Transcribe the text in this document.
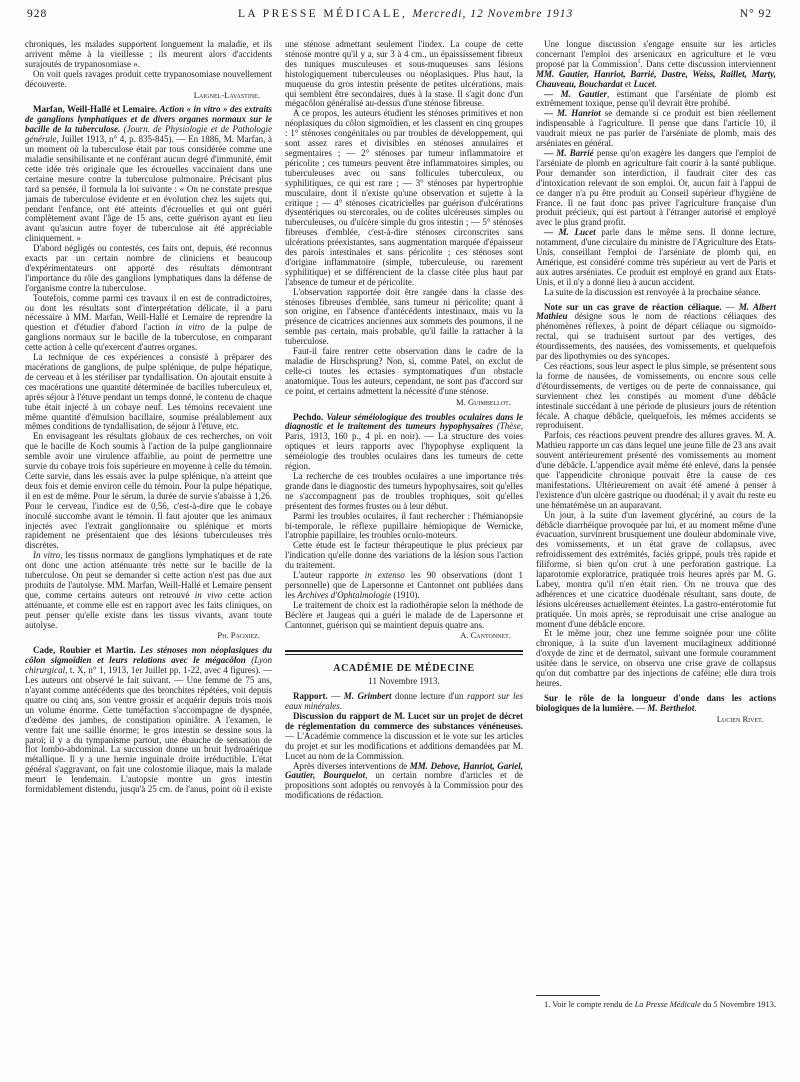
928	LA PRESSE MÉDICALE, Mercredi, 12 Novembre 1913	N° 92

chroniques, les malades supportent longuement la maladie, et ils arrivent même à la vieillesse ; ils meurent alors d'accidents surajoutés de trypanosomiase ».

On voit quels ravages produit cette trypanosomiase nouvellement découverte.

Laignel-Lavastine.

Marfan, Weill-Hallé et Lemaire. Action « in vitro » des extraits de ganglions lymphatiques et de divers organes normaux sur le bacille de la tuberculose. (Journ. de Physiologie et de Pathologie générale, Juillet 1913, n° 4, p. 835-845). — En 1886, M. Marfan, à un moment où la tuberculose était par tous considérée comme une maladie sensibilisante et ne conférant aucun degré d'immunité, émit cette idée très originale que les écrouelles vaccinaient dans une certaine mesure contre la tuberculose pulmonaire. Précisant plus tard sa pensée, il formula la loi suivante : « On ne constate presque jamais de tuberculose évidente et en évolution chez les sujets qui, pendant l'enfance, ont été atteints d'écrouelles et qui ont guéri complètement avant l'âge de 15 ans, cette guérison ayant eu lieu avant qu'aucun autre foyer de tuberculose ait été appréciable cliniquement. »

D'abord négligés ou contestés, ces faits ont, depuis, été reconnus exacts par un certain nombre de cliniciens et beaucoup d'expérimentateurs ont apporté des résultats démontrant l'importance du rôle des ganglions lymphatiques dans la défense de l'organisme contre la tuberculose.

Toutefois, comme parmi ces travaux il en est de contradictoires, ou dont les résultats sont d'interprétation délicate, il a paru nécessaire à MM. Marfan, Weill-Hallé et Lemaire de reprendre la question et d'étudier d'abord l'action in vitro de la pulpe de ganglions normaux sur le bacille de la tuberculose, en comparant cette action à celle qu'exercent d'autres organes.

La technique de ces expériences a consisté à préparer des macérations de ganglions, de pulpe splénique, de pulpe hépatique, de cerveau et à les stériliser par tyndallisation. On ajoutait ensuite à ces macérations une quantité déterminée de bacilles tuberculeux et, après séjour à l'étuve pendant un temps donné, le contenu de chaque tube était injecté à un cobaye neuf. Les témoins recevaient une même quantité d'émulsion bacillaire, soumise préalablement aux mêmes conditions de tyndallisation, de séjour à l'étuve, etc.

En envisageant les résultats globaux de ces recherches, on voit que le bacille de Koch soumis à l'action de la pulpe ganglionnaire semble avoir une virulence affaiblie, au point de permettre une survie du cobaye trois fois supérieure en moyenne à celle du témoin. Cette survie, dans les essais avec la pulpe splénique, n'a atteint que deux fois et demie environ celle du témoin. Pour la pulpe hépatique, il en est de même. Pour le sérum, la durée de survie s'abaisse à 1,26. Pour le cerveau, l'indice est de 0,56, c'est-à-dire que le cobaye inoculé succombe avant le témoin. Il faut ajouter que les animaux injectés avec l'extrait ganglionnaire ou splénique et morts rapidement ne présentaient que des lésions tuberculeuses très discrètes.

In vitro, les tissus normaux de ganglions lymphatiques et de rate ont donc une action atténuante très nette sur le bacille de la tuberculose. On peut se demander si cette action n'est pas due aux produits de l'autolyse. MM. Marfan, Weill-Hallé et Lemaire pensent que, comme certains auteurs ont retrouvé in vivo cette action atténuante, et comme elle est en rapport avec les faits cliniques, on peut penser qu'elle existe dans les tissus vivants, avant toute autolyse.

Ph. Pagniez.

Cade, Roubier et Martin. Les sténoses non néoplasiques du côlon sigmoïdien et leurs relations avec le mégacôlon (Lyon chirurgical, t. X, n° 1, 1913, 1er Juillet pp. 1-22, avec 4 figures). — Les auteurs ont observé le fait suivant. — Une femme de 75 ans, n'ayant comme antécédents que des bronchites répétées, voit depuis quatre ou cinq ans, son ventre grossir et acquérir depuis trois mois un volume énorme. Cette tuméfaction s'accompagne de dyspnée, d'œdème des jambes, de constipation opiniâtre. A l'examen, le ventre fait une saillie énorme; le gros intestin se dessine sous la paroi; il y a du tympanisme partout, une ébauche de sensation de flot lombo-abdominal. La succussion donne un bruit hydroaérique métallique. Il y a une hernie inguinale droite irréductible. L'état général s'aggravant, on fait une colostomie iliaque, mais la malade meurt le lendemain. L'autopsie montre un gros intestin formidablement distendu, jusqu'à 25 cm. de l'anus, point où il existe

une sténose admettant seulement l'index. La coupe de cette sténose montre qu'il y a, sur 3 à 4 cm., un épaississement fibreux des tuniques musculeuses et sous-muqueuses sans lésions histologiquement tuberculeuses ou néoplasiques. Plus haut, la muqueuse du gros intestin présente de petites ulcérations, mais qui semblent être secondaires, dues à la stase. Il s'agit donc d'un mégacôlon généralisé au-dessus d'une sténose fibreuse.

A ce propos, les auteurs étudient les sténoses primitives et non néoplasiques du côlon sigmoïdien, et les classent en cinq groupes : 1° sténoses congénitales ou par troubles de développement, qui sont assez rares et divisibles en sténoses annulaires et segmentaires ; — 2° sténoses par tumeur inflammatoire et péricolite ; ces tumeurs peuvent être inflammatoires simples, ou tuberculeuses avec ou sans follicules tuberculeux, ou syphilitiques, ce qui est rare ; — 3° sténoses par hypertrophie musculaire, dont il n'existe qu'une observation et sujette à la critique ; — 4° sténoses cicatricielles par guérison d'ulcérations dysentériques ou stercorales, ou de colites ulcéreuses simples ou tuberculeuses, ou d'ulcère simple du gros intestin ; — 5° sténoses fibreuses d'emblée, c'est-à-dire sténoses circonscrites sans ulcérations préexistantes, sans augmentation marquée d'épaisseur des parois intestinales et sans péricolite ; ces sténoses sont d'origine inflammatoire (simple, tuberculeuse, ou rarement syphilitique) et se différencient de la classe citée plus haut par l'absence de tumeur et de péricolite.

L'observation rapportée doit être rangée dans la classe des sténoses fibreuses d'emblée, sans tumeur ni péricolite; quant à son origine, en l'absence d'antécédents intestinaux, mais vu la présence de cicatrices anciennes aux sommets des poumons, il ne semble pas certain, mais probable, qu'il faille la rattacher à la tuberculose.

Faut-il faire rentrer cette observation dans le cadre de la maladie de Hirschsprung? Non, si, comme Patel, on exclut de celle-ci toutes les ectasies symptomatiques d'un obstacle anatomique. Tous les auteurs, cependant, ne sont pas d'accord sur ce point, et certains admettent la nécessité d'une sténose.

M. Guimbellot.

Pechdo. Valeur séméiologique des troubles oculaires dans le diagnostic et le traitement des tumeurs hypophysaires (Thèse, Paris, 1913, 160 p., 4 pl. en noir). — La structure des voies optiques et leurs rapports avec l'hypophyse expliquent la séméiologie des troubles oculaires dans les tumeurs de cette région.

La recherche de ces troubles oculaires a une importance très grande dans le diagnostic des tumeurs hypophysaires, soit qu'elles ne s'accompagnent pas de troubles trophiques, soit qu'elles présentent des formes frustes ou à leur début.

Parmi les troubles oculaires, il faut rechercher : l'hémianopsie bi-temporale, le réflexe pupillaire hémiopique de Wernicke, l'atrophie papillaire, les troubles oculo-moteurs.

Cette étude est le facteur thérapeutique le plus précieux par l'indication qu'elle donne des variations de la lésion sous l'action du traitement.

L'auteur rapporte in extenso les 90 observations (dont 1 personnelle) que de Lapersonne et Cantonnet ont publiées dans les Archives d'Ophtalmologie (1910).

Le traitement de choix est la radiothérapie selon la méthode de Béclère et Jaugeas qui a guéri le malade de de Lapersonne et Cantonnet, guérison qui se maintient depuis quatre ans.

A. Cantonnet.
ACADÉMIE DE MÉDECINE
11 Novembre 1913.

Rapport. — M. Grimbert donne lecture d'un rapport sur les eaux minérales.

Discussion du rapport de M. Lucet sur un projet de décret de réglementation du commerce des substances vénéneuses. — L'Académie commence la discussion et le vote sur les articles du projet et sur les modifications et additions demandées par M. Lucet au nom de la Commission.

Après diverses interventions de MM. Debove, Hanriot, Gariel, Gautier, Bourquelot, un certain nombre d'articles et de propositions sont adoptés ou renvoyés à la Commission pour des modifications de rédaction.

Une longue discussion s'engage ensuite sur les articles concernant l'emploi des arsenicaux en agriculture et le vœu proposé par la Commission$^1$. Dans cette discussion interviennent MM. Gautier, Hanriot, Barrié, Dastre, Weiss, Raillet, Marty, Chauveau, Bouchardat et Lucet.

— M. Gautier, estimant que l'arséniate de plomb est extrêmement toxique, pense qu'il devrait être prohibé.

— M. Hanriot se demande si ce produit est bien réellement indispensable à l'agriculture. Il pense que dans l'article 10, il vaudrait mieux ne pas parler de l'arséniate de plomb, mais des arséniates en général.

— M. Barrié pense qu'on exagère les dangers que l'emploi de l'arséniate de plomb en agriculture fait courir à la santé publique. Pour demander son interdiction, il faudrait citer des cas d'intoxication relevant de son emploi. Or, aucun fait à l'appui de ce danger n'a pu être produit au Conseil supérieur d'hygiène de France. Il ne faut donc pas priver l'agriculture française d'un produit précieux, qui est partout à l'étranger autorisé et employé avec le plus grand profit.

— M. Lucet parle dans le même sens. Il donne lecture, notamment, d'une circulaire du ministre de l'Agriculture des Etats-Unis, conseillant l'emploi de l'arséniate de plomb qui, en Amérique, est considéré comme très supérieur au vert de Paris et aux autres arséniates. Ce produit est employé en grand aux Etats-Unis, et il n'y a donné lieu à aucun accident.

La suite de la discussion est renvoyée à la prochaine séance.

Note sur un cas grave de réaction céliaque. — M. Albert Mathieu désigne sous le nom de réactions céliaques des phénomènes réflexes, à point de départ céliaque ou sigmoïdo-rectal, qui se traduisent surtout par des vertiges, des étourdissements, des nausées, des vomissements, et quelquefois par des lipothymies ou des syncopes.

Ces réactions, sous leur aspect le plus simple, se présentent sous la forme de nausées, de vomissements, ou encore sous celle d'étourdissements, de vertiges ou de perte de connaissance, qui surviennent chez les constipés au moment d'une débâcle intestinale succédant à une période de plusieurs jours de rétention fécale. A chaque débâcle, quelquefois, les mêmes accidents se reproduisent.

Parfois, ces réactions peuvent prendre des allures graves. M. A. Mathieu rapporte un cas dans lequel une jeune fille de 23 ans avait souvent antérieurement présenté des vomissements au moment d'une débâcle. L'appendice avait même été enlevé, dans la pensée que l'appendicite chronique pouvait être la cause de ces manifestations. Ultérieurement on avait été amené à penser à l'existence d'un ulcère gastrique ou duodénal; il y avait du reste eu une hématémèse un an auparavant.

Un jour, à la suite d'un lavement glycériné, au cours de la débâcle diarrhéique provoquée par lui, et au moment même d'une évacuation, survinrent brusquement une douleur abdominale vive, des vomissements, et un état grave de collapsus, avec refroidissement des extrémités, faciès grippé, pouls très rapide et filiforme, si bien qu'on crut à une perforation gastrique. La laparotomie exploratrice, pratiquée trois heures après par M. G. Labey, montra qu'il n'en était rien. On ne trouva que des adhérences et une cicatrice duodénale résultant, sans doute, de lésions ulcéreuses actuellement éteintes. La gastro-entérotomie fut pratiquée. Un mois après, se reproduisait une crise analogue au moment d'une débâcle encore.

Et le même jour, chez une femme soignée pour une côlite chronique, à la suite d'un lavement mucilagineux additionné d'oxyde de zinc et de dermatol, suivant une formule couramment usitée dans le service, on observa une crise grave de collapsus qu'on dut combattre par des injections de caféine; elle dura trois heures.

Sur le rôle de la longueur d'onde dans les actions biologiques de la lumière. — M. Berthelot.

Lucien Rivet.
1. Voir le compte rendu de La Presse Médicale du 5 Novembre 1913.
